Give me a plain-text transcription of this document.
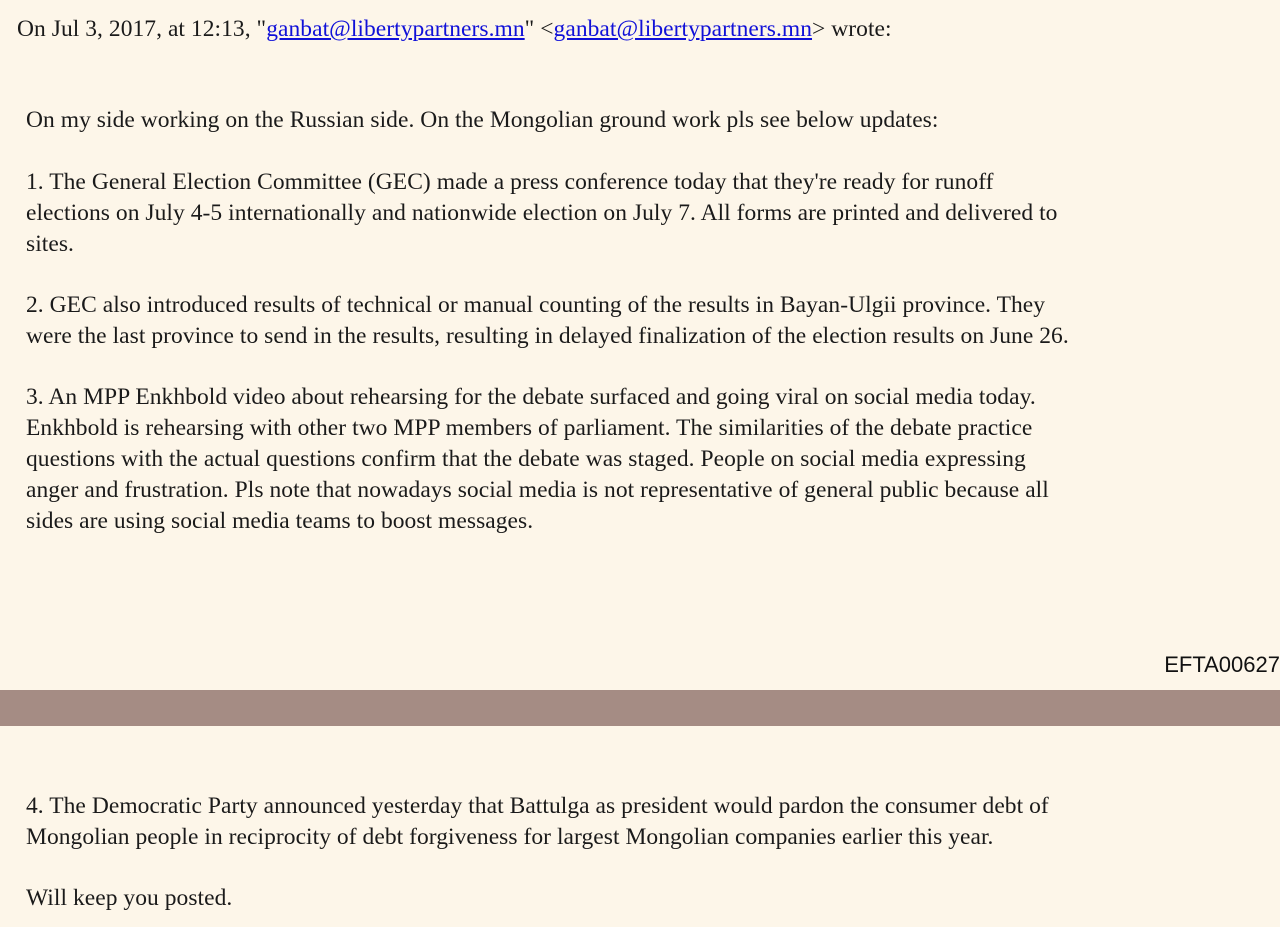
On Jul 3, 2017, at 12:13, "ganbat@libertypartners.mn" <ganbat@libertypartners.mn> wrote:

On my side working on the Russian side. On the Mongolian ground work pls see below updates:

1. The General Election Committee (GEC) made a press conference today that they're ready for runoff
elections on July 4-5 internationally and nationwide election on July 7. All forms are printed and delivered to
sites.

2. GEC also introduced results of technical or manual counting of the results in Bayan-Ulgii province. They
were the last province to send in the results, resulting in delayed finalization of the election results on June 26.

3. An MPP Enkhbold video about rehearsing for the debate surfaced and going viral on social media today.
Enkhbold is rehearsing with other two MPP members of parliament. The similarities of the debate practice
questions with the actual questions confirm that the debate was staged. People on social media expressing
anger and frustration. Pls note that nowadays social media is not representative of general public because all
sides are using social media teams to boost messages.

EFTA00627

4. The Democratic Party announced yesterday that Battulga as president would pardon the consumer debt of
Mongolian people in reciprocity of debt forgiveness for largest Mongolian companies earlier this year.

Will keep you posted.
